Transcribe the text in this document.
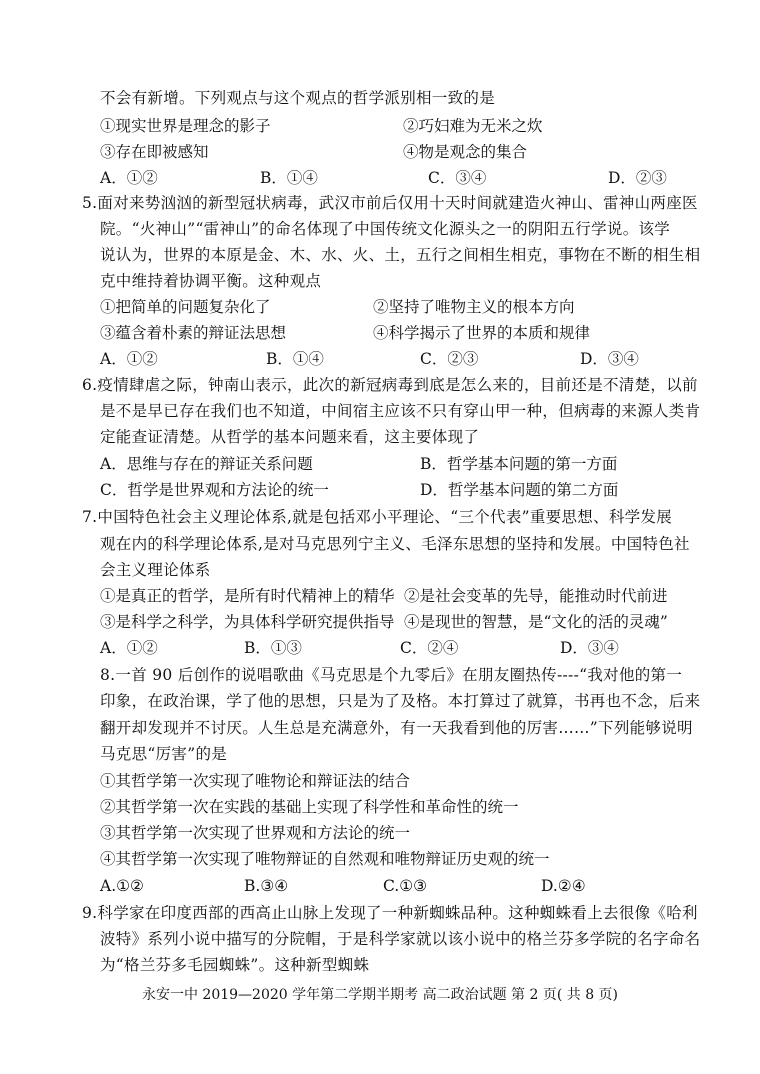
不会有新增。下列观点与这个观点的哲学派别相一致的是
①现实世界是理念的影子	②巧妇难为无米之炊
③存在即被感知	④物是观念的集合
A．①②	B．①④	C．③④	D．②③
5.面对来势汹汹的新型冠状病毒，武汉市前后仅用十天时间就建造火神山、雷神山两座医
院。“火神山”“雷神山”的命名体现了中国传统文化源头之一的阴阳五行学说。该学
说认为，世界的本原是金、木、水、火、土，五行之间相生相克，事物在不断的相生相
克中维持着协调平衡。这种观点
①把简单的问题复杂化了	②坚持了唯物主义的根本方向
③蕴含着朴素的辩证法思想	④科学揭示了世界的本质和规律
A．①②	B．①④	C．②③	D．③④
6.疫情肆虐之际，钟南山表示，此次的新冠病毒到底是怎么来的，目前还是不清楚，以前
是不是早已存在我们也不知道，中间宿主应该不只有穿山甲一种，但病毒的来源人类肯
定能查证清楚。从哲学的基本问题来看，这主要体现了
A．思维与存在的辩证关系问题	B．哲学基本问题的第一方面
C．哲学是世界观和方法论的统一	D．哲学基本问题的第二方面
7.中国特色社会主义理论体系,就是包括邓小平理论、“三个代表”重要思想、科学发展
观在内的科学理论体系,是对马克思列宁主义、毛泽东思想的坚持和发展。中国特色社
会主义理论体系
①是真正的哲学，是所有时代精神上的精华 ②是社会变革的先导，能推动时代前进
③是科学之科学，为具体科学研究提供指导 ④是现世的智慧，是“文化的活的灵魂”
A．①②	B．①③	C．②④	D．③④
8.一首 90 后创作的说唱歌曲《马克思是个九零后》在朋友圈热传----“我对他的第一
印象，在政治课，学了他的思想，只是为了及格。本打算过了就算，书再也不念，后来
翻开却发现并不讨厌。人生总是充满意外，有一天我看到他的厉害……”下列能够说明
马克思“厉害”的是
①其哲学第一次实现了唯物论和辩证法的结合
②其哲学第一次在实践的基础上实现了科学性和革命性的统一
③其哲学第一次实现了世界观和方法论的统一
④其哲学第一次实现了唯物辩证的自然观和唯物辩证历史观的统一
A.①②	B.③④	C.①③	D.②④
9.科学家在印度西部的西高止山脉上发现了一种新蜘蛛品种。这种蜘蛛看上去很像《哈利
波特》系列小说中描写的分院帽，于是科学家就以该小说中的格兰芬多学院的名字命名
为“格兰芬多毛园蜘蛛”。这种新型蜘蛛
永安一中 2019—2020 学年第二学期半期考 高二政治试题 第 2 页( 共 8 页)
